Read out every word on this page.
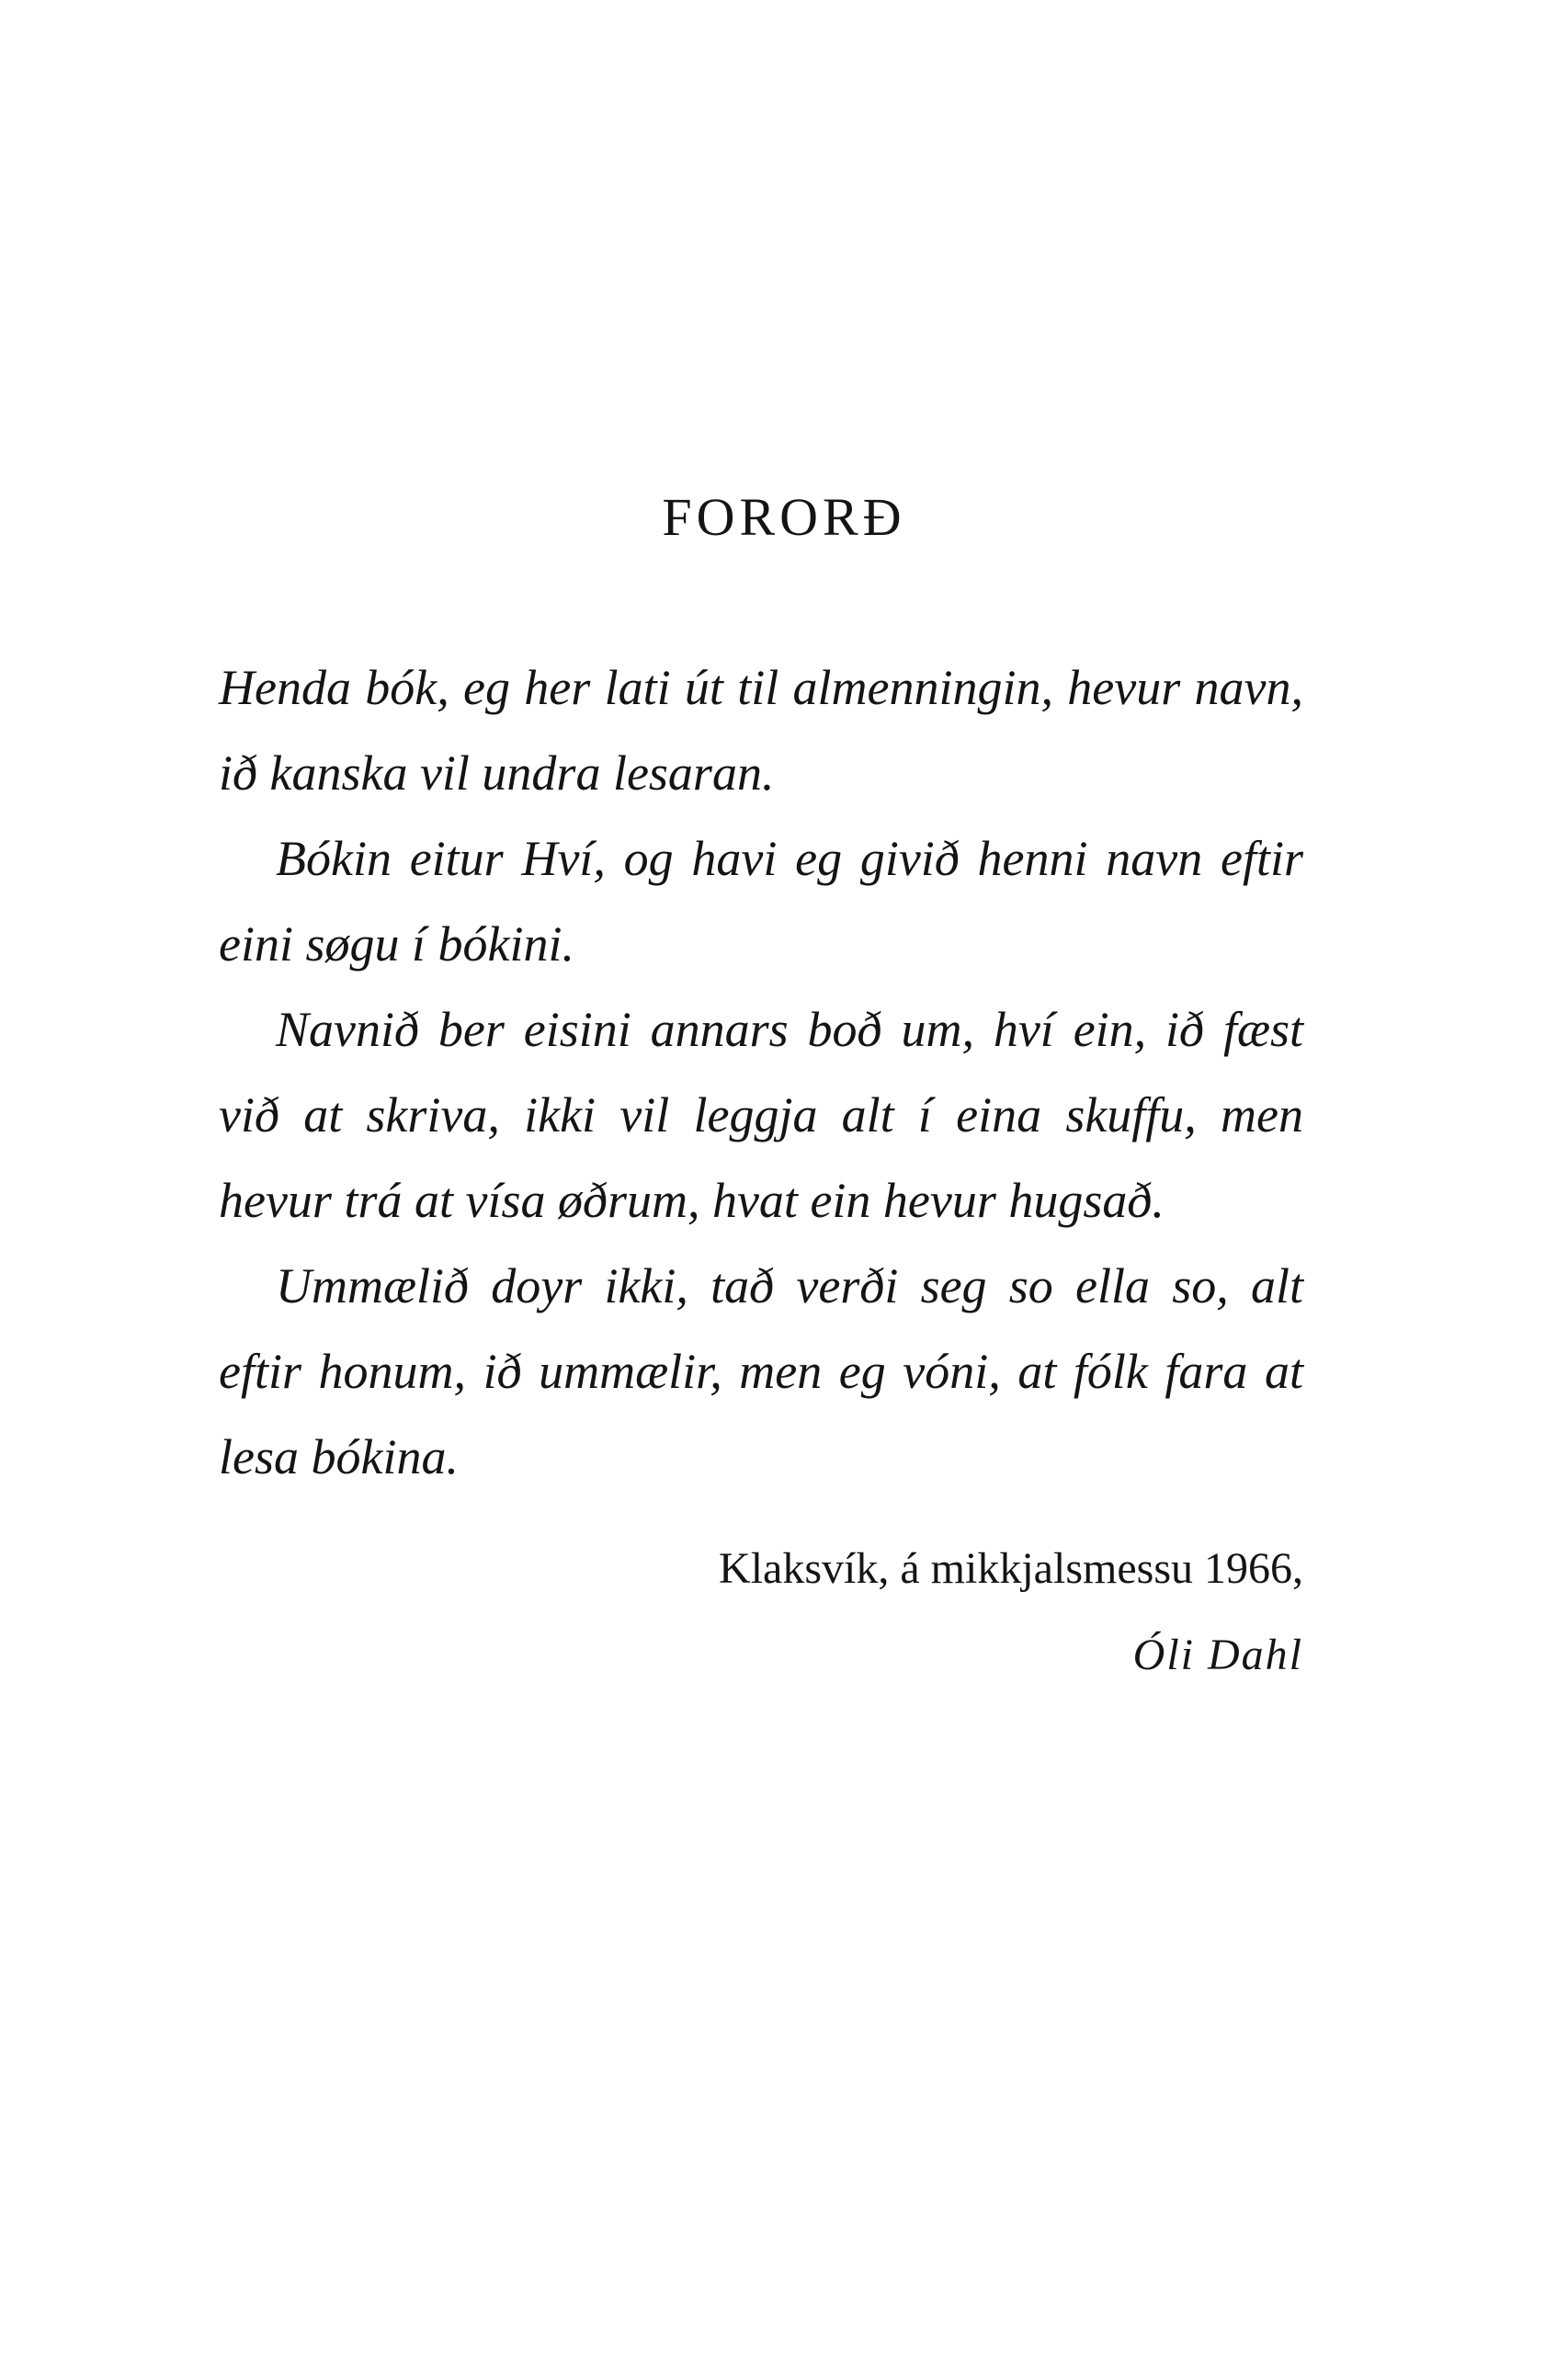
FORORÐ

Henda bók, eg her lati út til almenningin, hevur navn, ið kanska vil undra lesaran.

Bókin eitur Hví, og havi eg givið henni navn eftir eini søgu í bókini.

Navnið ber eisini annars boð um, hví ein, ið fæst við at skriva, ikki vil leggja alt í eina skuffu, men hevur trá at vísa øðrum, hvat ein hevur hugsað.

Ummælið doyr ikki, tað verði seg so ella so, alt eftir honum, ið ummælir, men eg vóni, at fólk fara at lesa bókina.

Klaksvík, á mikkjalsmessu 1966,
Óli Dahl
